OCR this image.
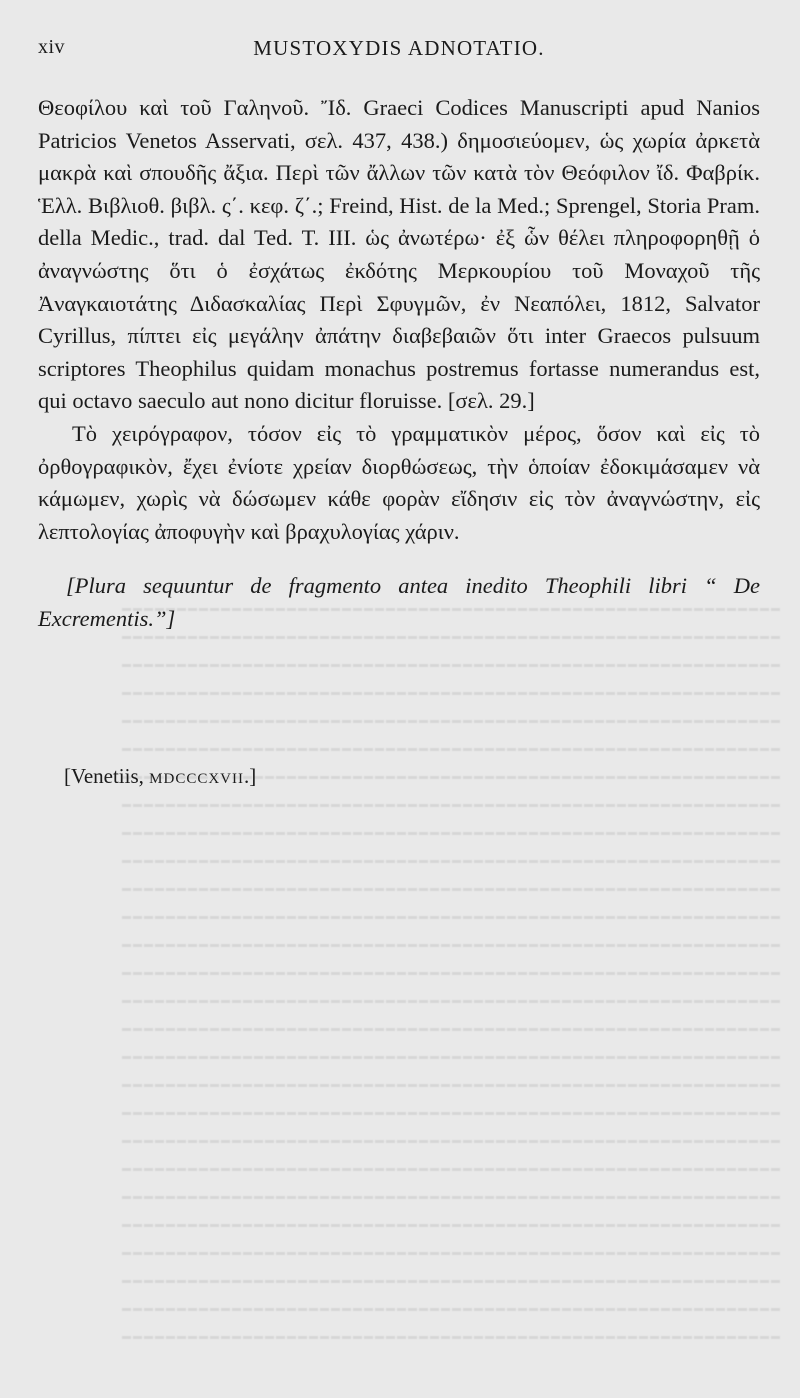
xiv	MUSTOXYDIS ADNOTATIO.

Θεοφίλου καὶ τοῦ Γαληνοῦ. Ἴδ. Graeci Codices Manuscripti apud Nanios Patricios Venetos Asservati, σελ. 437, 438.) δημοσιεύομεν, ὡς χωρία ἀρκετὰ μακρὰ καὶ σπουδῆς ἄξια. Περὶ τῶν ἄλλων τῶν κατὰ τὸν Θεόφιλον ἴδ. Φαβρίκ. Ἑλλ. Βιβλιοθ. βιβλ. ς΄. κεφ. ζ΄.; Freind, Hist. de la Med.; Sprengel, Storia Pram. della Medic., trad. dal Ted. T. III. ὡς ἀνωτέρω· ἐξ ὧν θέλει πληροφορηθῇ ὁ ἀναγνώστης ὅτι ὁ ἐσχάτως ἐκδότης Μερκουρίου τοῦ Μοναχοῦ τῆς Ἀναγκαιοτάτης Διδασκαλίας Περὶ Σφυγμῶν, ἐν Νεαπόλει, 1812, Salvator Cyrillus, πίπτει εἰς μεγάλην ἀπάτην διαβεβαιῶν ὅτι inter Graecos pulsuum scriptores Theophilus quidam monachus postremus fortasse numerandus est, qui octavo saeculo aut nono dicitur floruisse. [σελ. 29.]

Τὸ χειρόγραφον, τόσον εἰς τὸ γραμματικὸν μέρος, ὅσον καὶ εἰς τὸ ὀρθογραφικὸν, ἔχει ἐνίοτε χρείαν διορθώσεως, τὴν ὁποίαν ἐδοκιμάσαμεν νὰ κάμωμεν, χωρὶς νὰ δώσωμεν κάθε φορὰν εἴδησιν εἰς τὸν ἀναγνώστην, εἰς λεπτολογίας ἀποφυγὴν καὶ βραχυλογίας χάριν.

[Plura sequuntur de fragmento antea inedito Theophili libri “ De Excrementis.”]

[Venetiis, mdcccxvii.]
